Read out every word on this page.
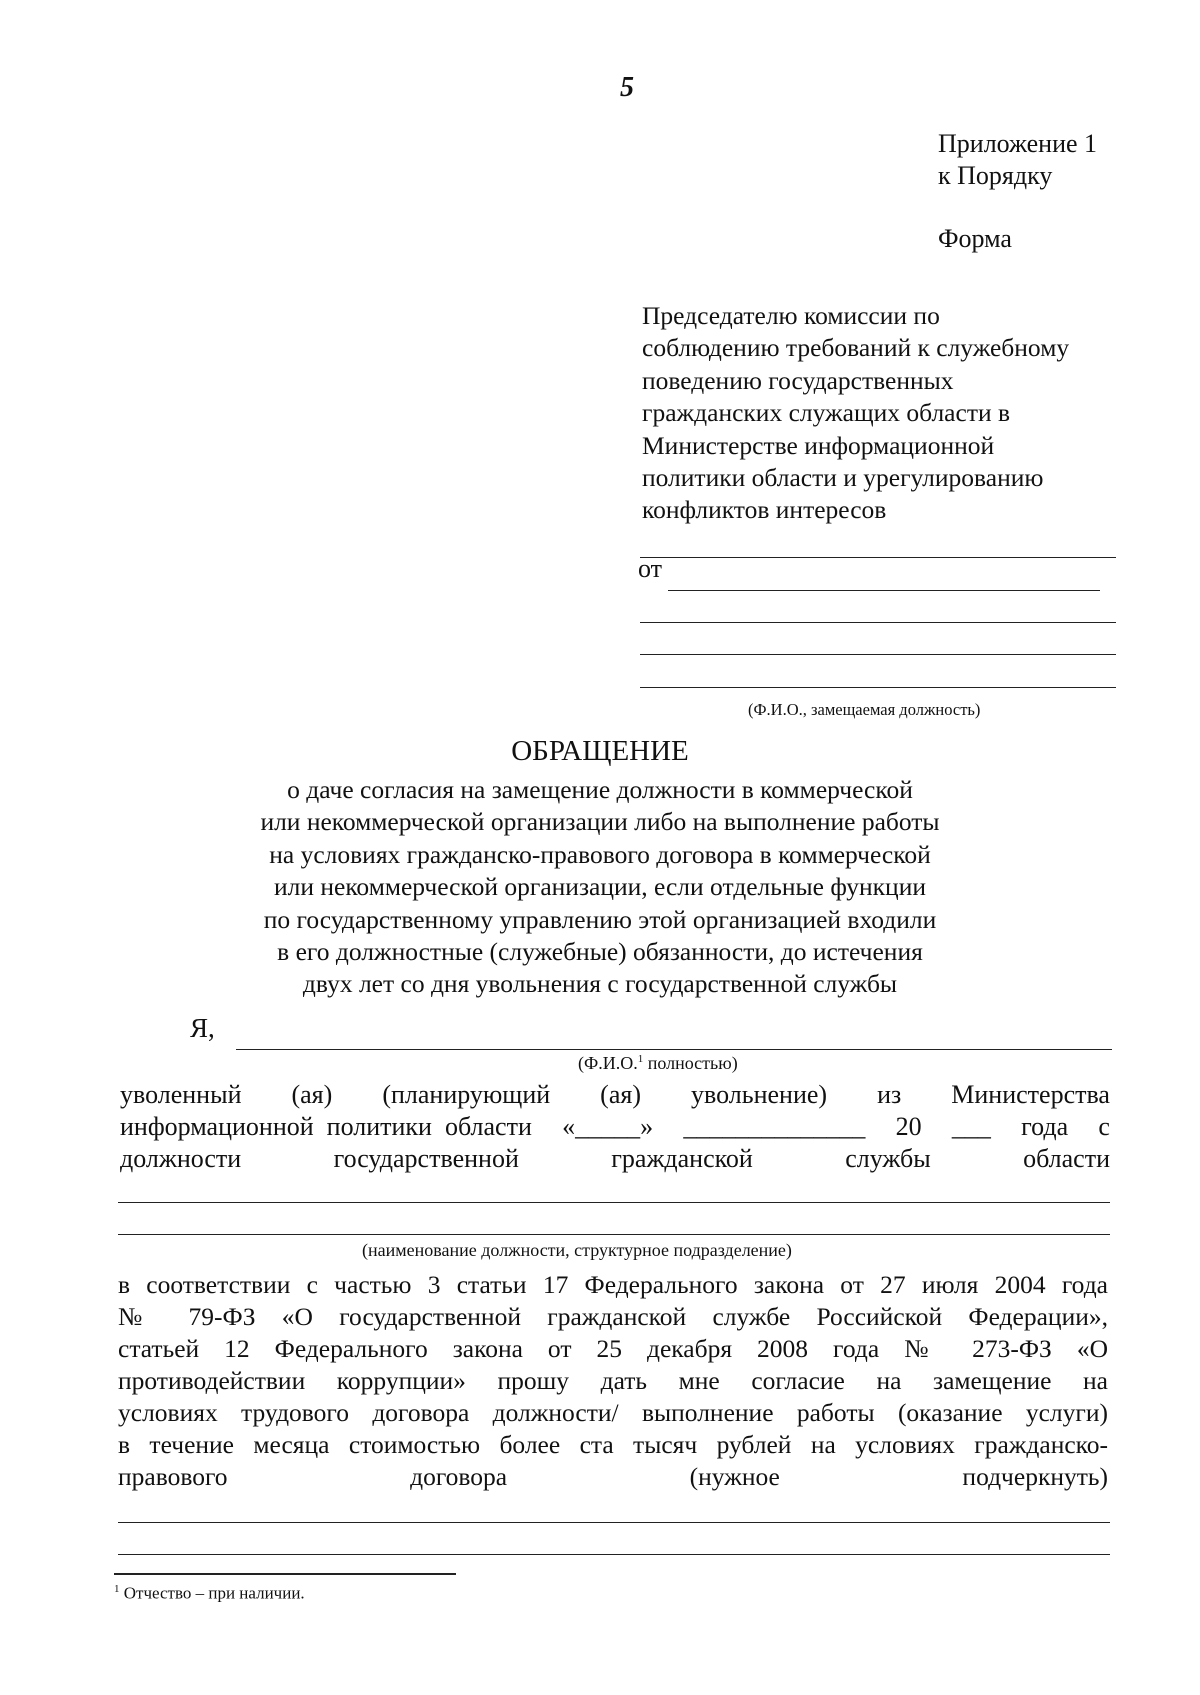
5
Приложение 1
к Порядку
Форма
Председателю комиссии по
соблюдению требований к служебному
поведению государственных
гражданских служащих области в
Министерстве информационной
политики области и урегулированию
конфликтов интересов
от
(Ф.И.О., замещаемая должность)
ОБРАЩЕНИЕ
о даче согласия на замещение должности в коммерческой
или некоммерческой организации либо на выполнение работы
на условиях гражданско-правового договора в коммерческой
или некоммерческой организации, если отдельные функции
по государственному управлению этой организацией входили
в его должностные (служебные) обязанности, до истечения
двух лет со дня увольнения с государственной службы
Я,
(Ф.И.О.$^1$ полностью)
уволенный (ая) (планирующий (ая) увольнение) из Министерства
информационной  политики  области «_____» ______________ 20 ___ года с
должности	государственной	гражданской	службы	области
(наименование должности, структурное подразделение)
в соответствии с частью 3 статьи 17 Федерального закона от 27 июля 2004 года
№ 79-ФЗ «О государственной гражданской службе Российской Федерации»,
статьей 12 Федерального закона от 25 декабря 2008 года № 273-ФЗ «О
противодействии коррупции» прошу дать мне согласие на замещение на
условиях трудового договора должности/ выполнение работы (оказание услуги)
в течение месяца стоимостью более ста тысяч рублей на условиях гражданско-
правового договора (нужное подчеркнуть)
$^1$ Отчество – при наличии.
